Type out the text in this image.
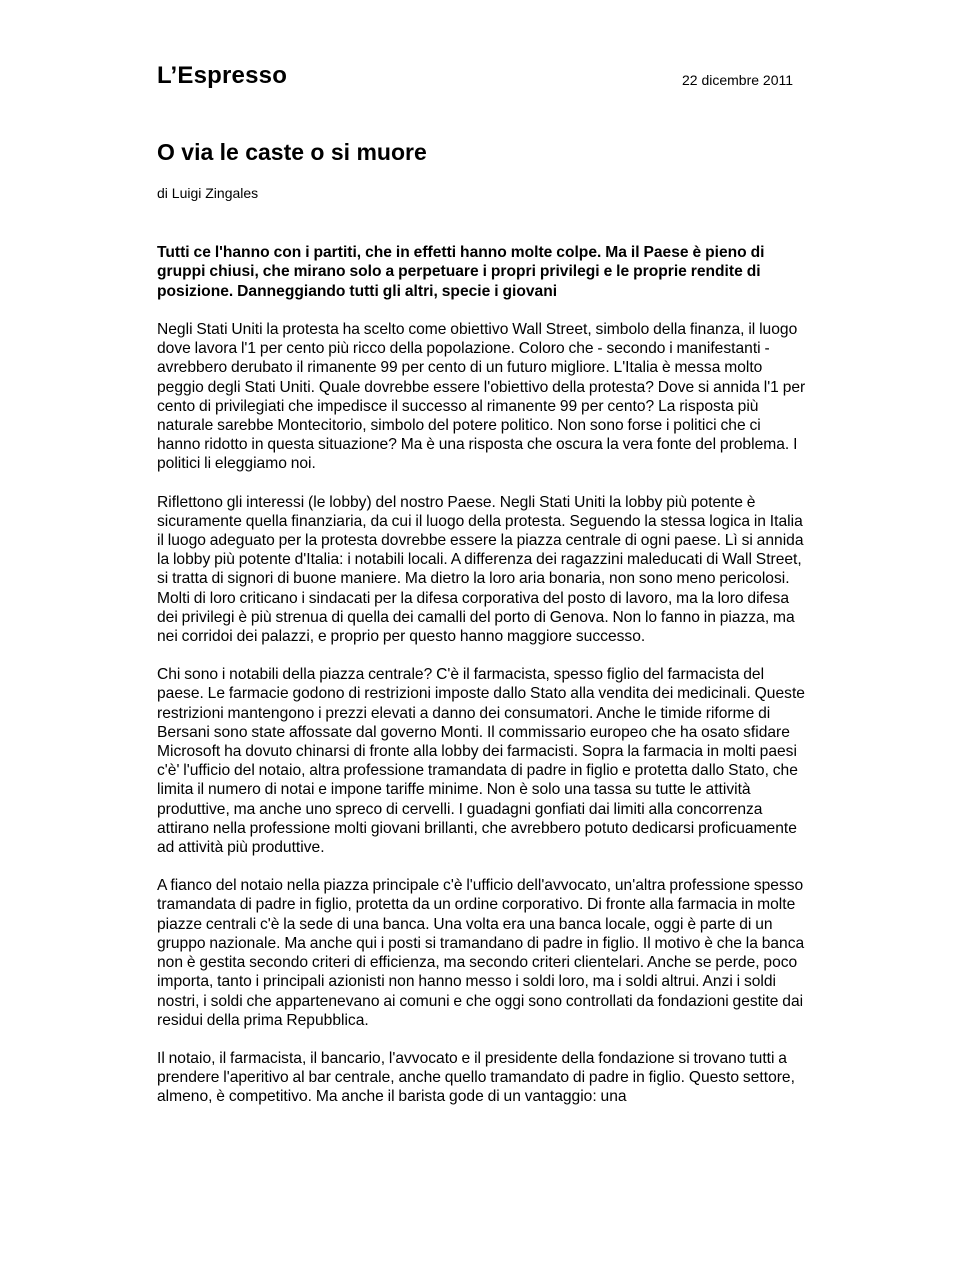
L’Espresso	22 dicembre 2011
O via le caste o si muore
di Luigi Zingales

Tutti ce l'hanno con i partiti, che in effetti hanno molte colpe. Ma il Paese è pieno di gruppi chiusi, che mirano solo a perpetuare i propri privilegi e le proprie rendite di posizione. Danneggiando tutti gli altri, specie i giovani

Negli Stati Uniti la protesta ha scelto come obiettivo Wall Street, simbolo della finanza, il luogo dove lavora l'1 per cento più ricco della popolazione. Coloro che - secondo i manifestanti - avrebbero derubato il rimanente 99 per cento di un futuro migliore. L'Italia è messa molto peggio degli Stati Uniti. Quale dovrebbe essere l'obiettivo della protesta? Dove si annida l'1 per cento di privilegiati che impedisce il successo al rimanente 99 per cento? La risposta più naturale sarebbe Montecitorio, simbolo del potere politico. Non sono forse i politici che ci hanno ridotto in questa situazione? Ma è una risposta che oscura la vera fonte del problema. I politici li eleggiamo noi.

Riflettono gli interessi (le lobby) del nostro Paese. Negli Stati Uniti la lobby più potente è sicuramente quella finanziaria, da cui il luogo della protesta. Seguendo la stessa logica in Italia il luogo adeguato per la protesta dovrebbe essere la piazza centrale di ogni paese. Lì si annida la lobby più potente d'Italia: i notabili locali. A differenza dei ragazzini maleducati di Wall Street, si tratta di signori di buone maniere. Ma dietro la loro aria bonaria, non sono meno pericolosi. Molti di loro criticano i sindacati per la difesa corporativa del posto di lavoro, ma la loro difesa dei privilegi è più strenua di quella dei camalli del porto di Genova. Non lo fanno in piazza, ma nei corridoi dei palazzi, e proprio per questo hanno maggiore successo.

Chi sono i notabili della piazza centrale? C'è il farmacista, spesso figlio del farmacista del paese. Le farmacie godono di restrizioni imposte dallo Stato alla vendita dei medicinali. Queste restrizioni mantengono i prezzi elevati a danno dei consumatori. Anche le timide riforme di Bersani sono state affossate dal governo Monti. Il commissario europeo che ha osato sfidare Microsoft ha dovuto chinarsi di fronte alla lobby dei farmacisti. Sopra la farmacia in molti paesi c'è' l'ufficio del notaio, altra professione tramandata di padre in figlio e protetta dallo Stato, che limita il numero di notai e impone tariffe minime. Non è solo una tassa su tutte le attività produttive, ma anche uno spreco di cervelli. I guadagni gonfiati dai limiti alla concorrenza attirano nella professione molti giovani brillanti, che avrebbero potuto dedicarsi proficuamente ad attività più produttive.

A fianco del notaio nella piazza principale c'è l'ufficio dell'avvocato, un'altra professione spesso tramandata di padre in figlio, protetta da un ordine corporativo. Di fronte alla farmacia in molte piazze centrali c'è la sede di una banca. Una volta era una banca locale, oggi è parte di un gruppo nazionale. Ma anche qui i posti si tramandano di padre in figlio. Il motivo è che la banca non è gestita secondo criteri di efficienza, ma secondo criteri clientelari. Anche se perde, poco importa, tanto i principali azionisti non hanno messo i soldi loro, ma i soldi altrui. Anzi i soldi nostri, i soldi che appartenevano ai comuni e che oggi sono controllati da fondazioni gestite dai residui della prima Repubblica.

Il notaio, il farmacista, il bancario, l'avvocato e il presidente della fondazione si trovano tutti a prendere l'aperitivo al bar centrale, anche quello tramandato di padre in figlio. Questo settore, almeno, è competitivo. Ma anche il barista gode di un vantaggio: una
